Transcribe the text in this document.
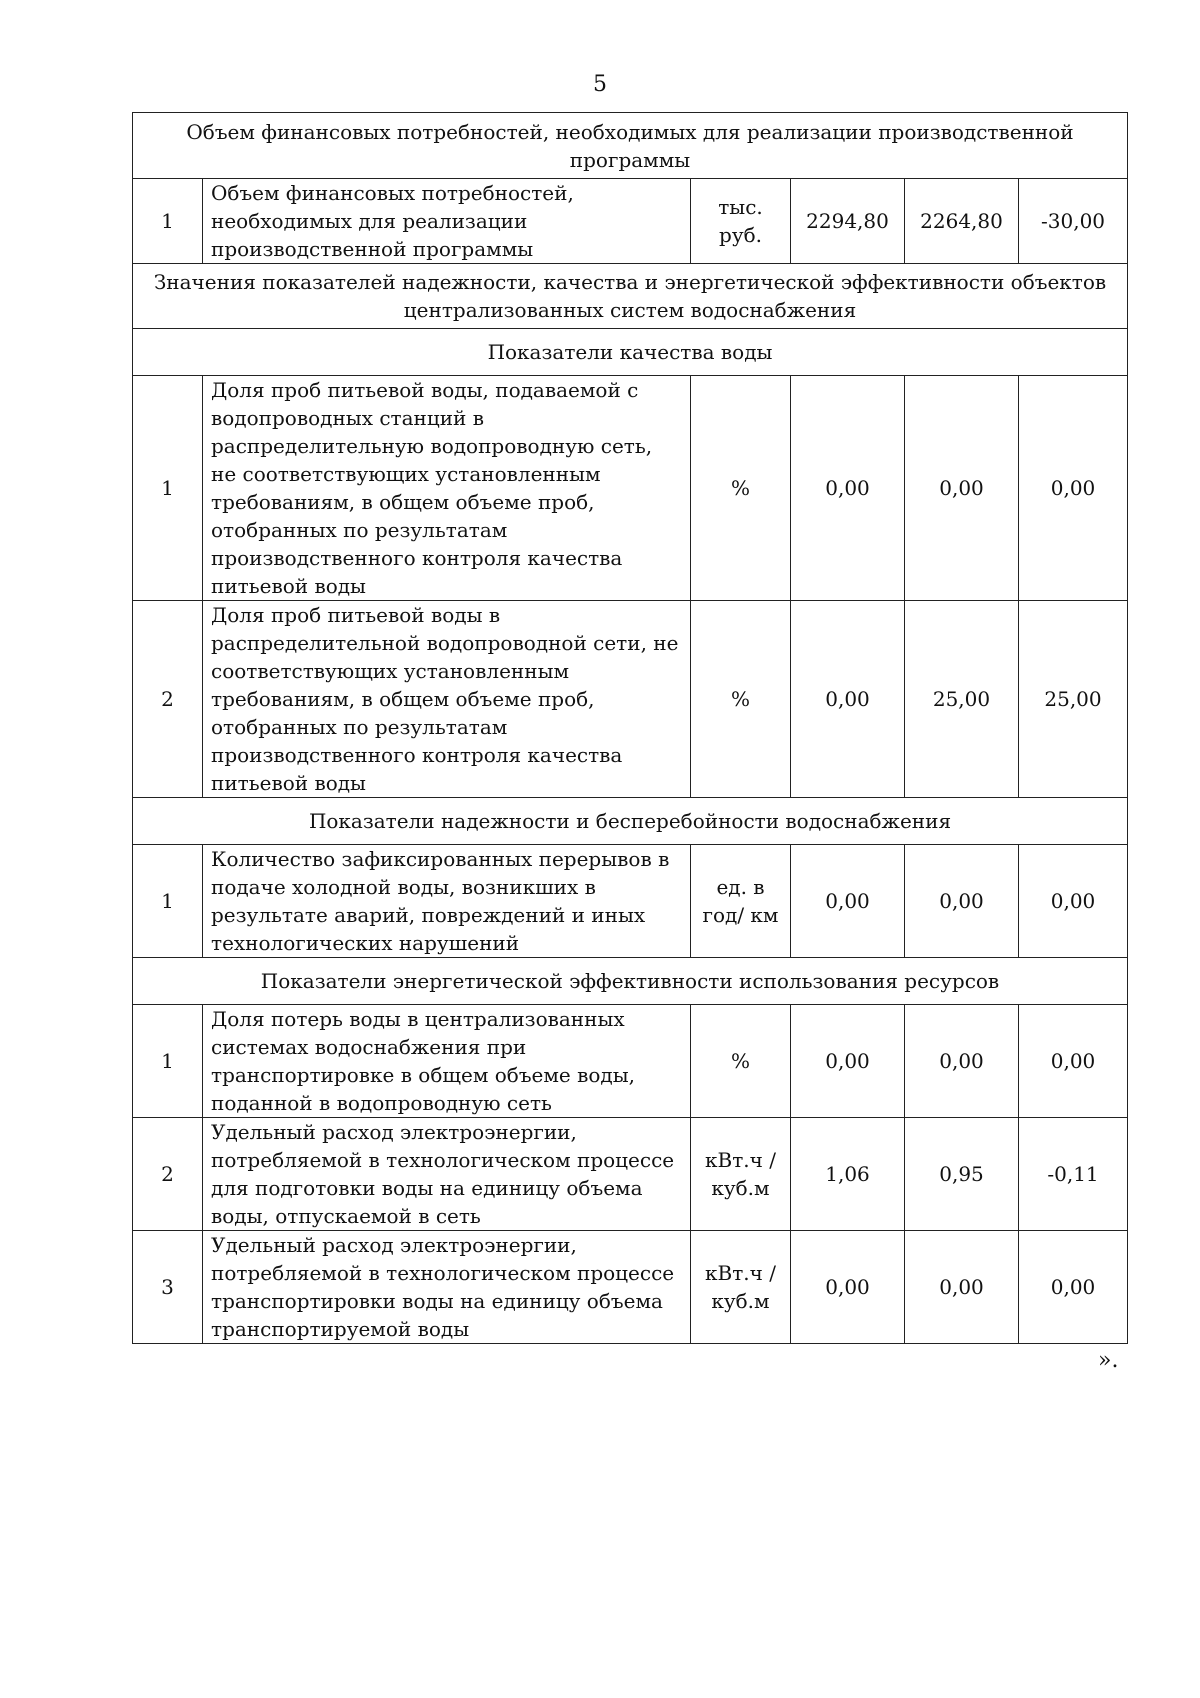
5
Объем финансовых потребностей, необходимых для реализации производственной программы					
1	Объем финансовых потребностей, необходимых для реализации производственной программы	тыс. руб.	2294,80	2264,80	-30,00
Значения показателей надежности, качества и энергетической эффективности объектов централизованных систем водоснабжения					
Показатели качества воды					
1	Доля проб питьевой воды, подаваемой с водопроводных станций в распределительную водопроводную сеть, не соответствующих установленным требованиям, в общем объеме проб, отобранных по результатам производственного контроля качества питьевой воды	%	0,00	0,00	0,00
2	Доля проб питьевой воды в распределительной водопроводной сети, не соответствующих установленным требованиям, в общем объеме проб, отобранных по результатам производственного контроля качества питьевой воды	%	0,00	25,00	25,00
Показатели надежности и бесперебойности водоснабжения					
1	Количество зафиксированных перерывов в подаче холодной воды, возникших в результате аварий, повреждений и иных технологических нарушений	ед. в год/ км	0,00	0,00	0,00
Показатели энергетической эффективности использования ресурсов					
1	Доля потерь воды в централизованных системах водоснабжения при транспортировке в общем объеме воды, поданной в водопроводную сеть	%	0,00	0,00	0,00
2	Удельный расход электроэнергии, потребляемой в технологическом процессе для подготовки воды на единицу объема воды, отпускаемой в сеть	кВт.ч / куб.м	1,06	0,95	-0,11
3	Удельный расход электроэнергии, потребляемой в технологическом процессе транспортировки воды на единицу объема транспортируемой воды	кВт.ч / куб.м	0,00	0,00	0,00
».
